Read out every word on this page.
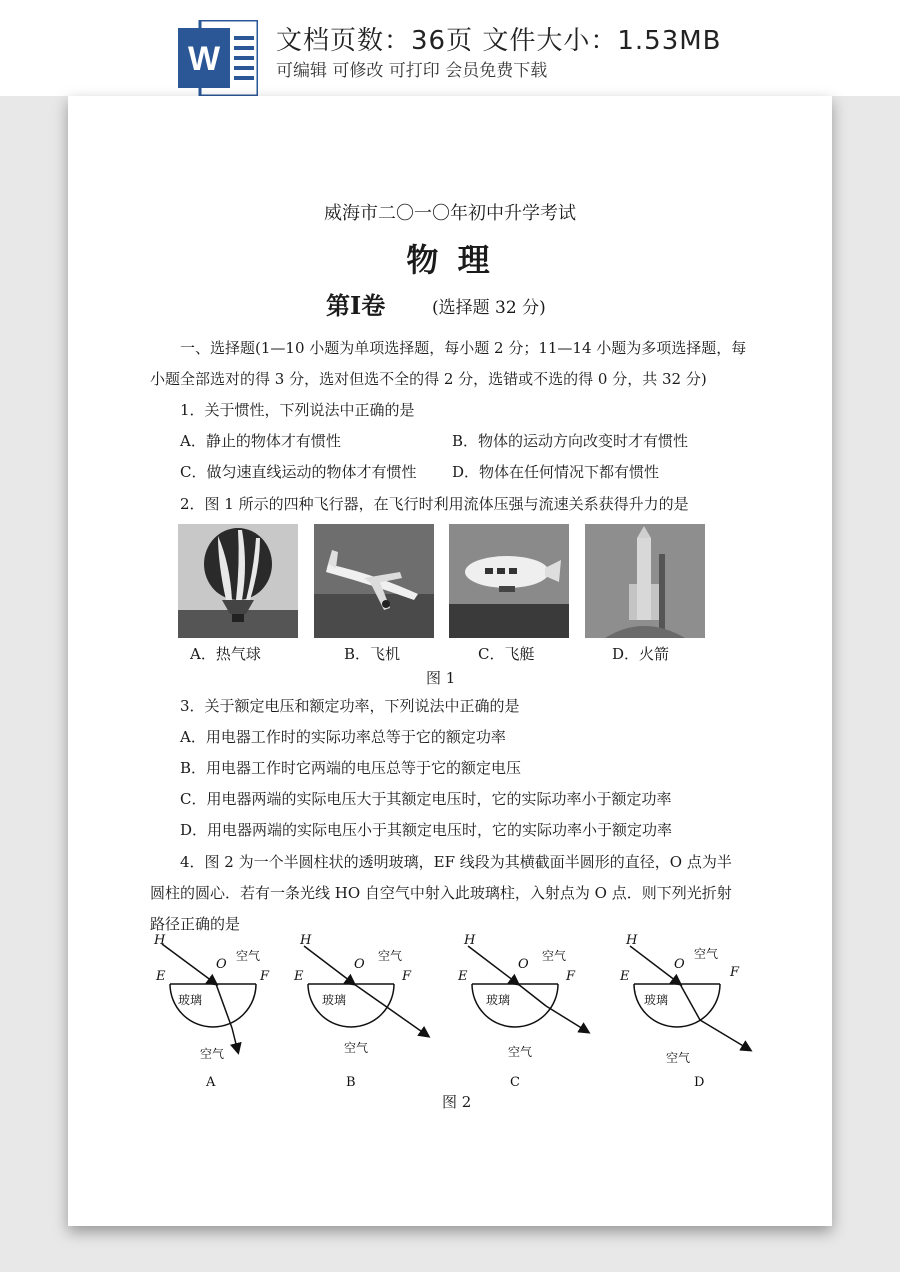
W 文档页数：36页 文件大小：1.53MB
可编辑 可修改 可打印 会员免费下载
威海市二〇一〇年初中升学考试
物 理
第Ⅰ卷	(选择题 32 分)
一、选择题(1—10 小题为单项选择题，每小题 2 分；11—14 小题为多项选择题，每
小题全部选对的得 3 分，选对但选不全的得 2 分，选错或不选的得 0 分，共 32 分)
1．关于惯性，下列说法中正确的是
A．静止的物体才有惯性	B．物体的运动方向改变时才有惯性
C．做匀速直线运动的物体才有惯性 D．物体在任何情况下都有惯性
2．图 1 所示的四种飞行器，在飞行时利用流体压强与流速关系获得升力的是
A．热气球	B．飞机	C．飞艇	D．火箭
图 1
3．关于额定电压和额定功率，下列说法中正确的是
A．用电器工作时的实际功率总等于它的额定功率
B．用电器工作时它两端的电压总等于它的额定电压
C．用电器两端的实际电压大于其额定电压时，它的实际功率小于额定功率
D．用电器两端的实际电压小于其额定电压时，它的实际功率小于额定功率
4．图 2 为一个半圆柱状的透明玻璃，EF 线段为其横截面半圆形的直径，O 点为半
圆柱的圆心．若有一条光线 HO 自空气中射入此玻璃柱，入射点为 O 点．则下列光折射
路径正确的是
H
O
E	F
空气
玻璃
空气
A
H
O
E	F
空气
玻璃
空气
B
H
O
E	F
空气
玻璃
空气
C
H
O
E	F
空气
玻璃
空气
D
图 2
